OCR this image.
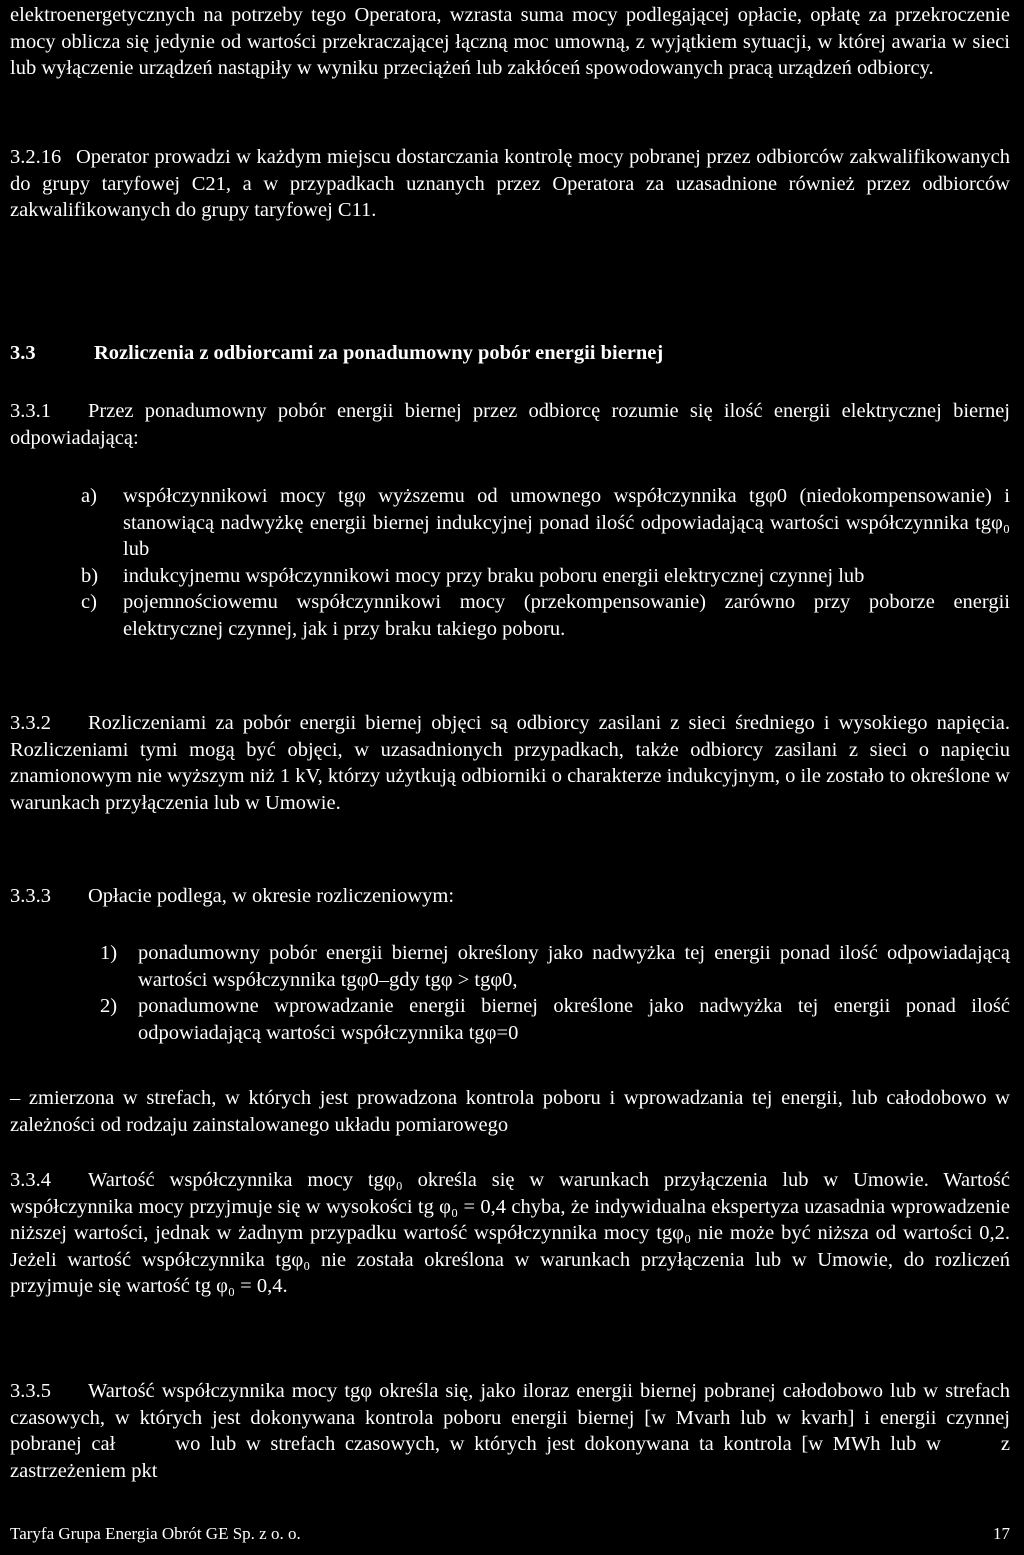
elektroenergetycznych na potrzeby tego Operatora, wzrasta suma mocy podlegającej opłacie, opłatę za przekroczenie mocy oblicza się jedynie od wartości przekraczającej łączną moc umowną, z wyjątkiem sytuacji, w której awaria w sieci lub wyłączenie urządzeń nastąpiły w wyniku przeciążeń lub zakłóceń spowodowanych pracą urządzeń odbiorcy.
3.2.16 Operator prowadzi w każdym miejscu dostarczania kontrolę mocy pobranej przez odbiorców zakwalifikowanych do grupy taryfowej C21, a w przypadkach uznanych przez Operatora za uzasadnione również przez odbiorców zakwalifikowanych do grupy taryfowej C11.
3.3	Rozliczenia z odbiorcami za ponadumowny pobór energii biernej
3.3.1 Przez ponadumowny pobór energii biernej przez odbiorcę rozumie się ilość energii elektrycznej biernej odpowiadającą:
a) współczynnikowi mocy tgφ wyższemu od umownego współczynnika tgφ0 (niedokompensowanie) i stanowiącą nadwyżkę energii biernej indukcyjnej ponad ilość odpowiadającą wartości współczynnika tgφ₀ lub
b) indukcyjnemu współczynnikowi mocy przy braku poboru energii elektrycznej czynnej lub
c) pojemnościowemu współczynnikowi mocy (przekompensowanie) zarówno przy poborze energii elektrycznej czynnej, jak i przy braku takiego poboru.
3.3.2 Rozliczeniami za pobór energii biernej objęci są odbiorcy zasilani z sieci średniego i wysokiego napięcia. Rozliczeniami tymi mogą być objęci, w uzasadnionych przypadkach, także odbiorcy zasilani z sieci o napięciu znamionowym nie wyższym niż 1 kV, którzy użytkują odbiorniki o charakterze indukcyjnym, o ile zostało to określone w warunkach przyłączenia lub w Umowie.
3.3.3 Opłacie podlega, w okresie rozliczeniowym:
1) ponadumowny pobór energii biernej określony jako nadwyżka tej energii ponad ilość odpowiadającą wartości współczynnika tgφ0–gdy tgφ > tgφ0,
2) ponadumowne wprowadzanie energii biernej określone jako nadwyżka tej energii ponad ilość odpowiadającą wartości współczynnika tgφ=0
– zmierzona w strefach, w których jest prowadzona kontrola poboru i wprowadzania tej energii, lub całodobowo w zależności od rodzaju zainstalowanego układu pomiarowego
3.3.4 Wartość współczynnika mocy tgφ₀ określa się w warunkach przyłączenia lub w Umowie. Wartość współczynnika mocy przyjmuje się w wysokości tg φ₀ = 0,4 chyba, że indywidualna ekspertyza uzasadnia wprowadzenie niższej wartości, jednak w żadnym przypadku wartość współczynnika mocy tgφ₀ nie może być niższa od wartości 0,2. Jeżeli wartość współczynnika tgφ₀ nie została określona w warunkach przyłączenia lub w Umowie, do rozliczeń przyjmuje się wartość tg φ₀ = 0,4.
3.3.5 Wartość współczynnika mocy tgφ określa się, jako iloraz energii biernej pobranej całodobowo lub w strefach czasowych, w których jest dokonywana kontrola poboru energii biernej [w Mvarh lub w kvarh] i energii czynnej pobranej cał	wo lub w strefach czasowych, w których jest dokonywana ta kontrola [w MWh lub w	z zastrzeżeniem pkt
Taryfa Grupa Energia Obrót GE Sp. z o. o.	17
